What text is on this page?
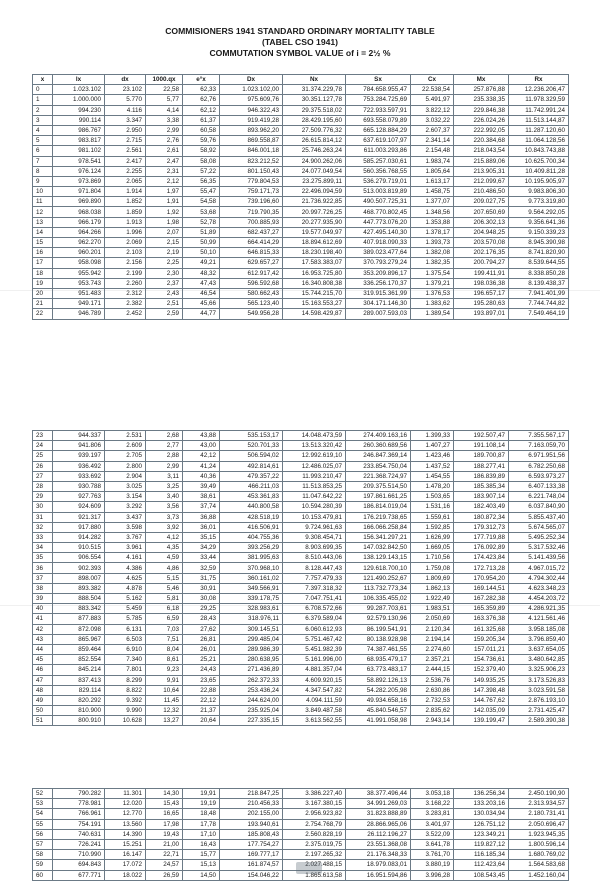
COMMISIONERS 1941 STANDARD ORDINARY MORTALITY TABLE
(TABEL CSO 1941)
COMMUTATION SYMBOL VALUE of i = 2½ %
x	lx	dx	1000.qx	e°x	Dx	Nx	Sx	Cx	Mx	Rx
0	1.023.102	23.102	22,58	62,33	1.023.102,00	31.374.229,78	784.658.955,47	22.538,54	257.876,88	12.236.206,47
1	1.000.000	5.770	5,77	62,76	975.609,76	30.351.127,78	753.284.725,69	5.491,97	235.338,35	11.978.329,59
2	994.230	4.116	4,14	62,12	946.322,43	29.375.518,02	722.933.597,91	3.822,12	229.846,38	11.742.991,24
3	990.114	3.347	3,38	61,37	919.419,28	28.429.195,60	693.558.079,89	3.032,22	226.024,26	11.513.144,87
4	986.767	2.950	2,99	60,58	893.962,20	27.509.776,32	665.128.884,29	2.607,37	222.992,05	11.287.120,60
5	983.817	2.715	2,76	59,76	869.558,87	26.615.814,12	637.619.107,97	2.341,14	220.384,68	11.064.128,56
6	981.102	2.561	2,61	58,92	846.001,18	25.746.263,24	611.003.293,86	2.154,48	218.043,54	10.843.743,88
7	978.541	2.417	2,47	58,08	823.212,52	24.900.262,06	585.257.030,61	1.983,74	215.889,06	10.625.700,34
8	976.124	2.255	2,31	57,22	801.150,43	24.077.049,54	560.356.768,55	1.805,64	213.905,31	10.409.811,28
9	973.869	2.065	2,12	56,35	779.804,53	23.275.899,11	536.279.719,01	1.613,17	212.099,67	10.195.905,97
10	971.804	1.914	1,97	55,47	759.171,73	22.496.094,59	513.003.819,89	1.458,75	210.486,50	9.983.806,30
11	969.890	1.852	1,91	54,58	739.196,60	21.736.922,85	490.507.725,31	1.377,07	209.027,75	9.773.319,80
12	968.038	1.859	1,92	53,68	719.790,35	20.997.726,25	468.770.802,45	1.348,56	207.650,69	9.564.292,05
13	966.179	1.913	1,98	52,78	700.885,93	20.277.935,90	447.773.076,20	1.353,88	206.302,13	9.356.641,36
14	964.266	1.996	2,07	51,89	682.437,27	19.577.049,97	427.495.140,30	1.378,17	204.948,25	9.150.339,23
15	962.270	2.069	2,15	50,99	664.414,29	18.894.612,69	407.918.090,33	1.393,73	203.570,08	8.945.390,98
16	960.201	2.103	2,19	50,10	646.815,33	18.230.198,40	389.023.477,64	1.382,08	202.176,35	8.741.820,90
17	958.098	2.156	2,25	49,21	629.657,27	17.583.383,07	370.793.279,24	1.382,35	200.794,27	8.539.644,55
18	955.942	2.199	2,30	48,32	612.917,42	16.953.725,80	353.209.896,17	1.375,54	199.411,91	8.338.850,28
19	953.743	2.260	2,37	47,43	596.592,68	16.340.808,38	336.256.170,37	1.379,21	198.036,38	8.139.438,37
20	951.483	2.312	2,43	46,54	580.662,43	15.744.215,70	319.915.361,99	1.376,53	196.657,17	7.941.401,99
21	949.171	2.382	2,51	45,66	565.123,40	15.163.553,27	304.171.146,30	1.383,62	195.280,63	7.744.744,82
22	946.789	2.452	2,59	44,77	549.956,28	14.598.429,87	289.007.593,03	1.389,54	193.897,01	7.549.464,19
23	944.337	2.531	2,68	43,88	535.153,17	14.048.473,59	274.409.163,16	1.399,33	192.507,47	7.355.567,17
24	941.806	2.609	2,77	43,00	520.701,33	13.513.320,42	260.360.689,56	1.407,27	191.108,14	7.163.059,70
25	939.197	2.705	2,88	42,12	506.594,02	12.992.619,10	246.847.369,14	1.423,46	189.700,87	6.971.951,56
26	936.492	2.800	2,99	41,24	492.814,61	12.486.025,07	233.854.750,04	1.437,52	188.277,41	6.782.250,68
27	933.692	2.904	3,11	40,36	479.357,22	11.993.210,47	221.368.724,97	1.454,55	186.839,89	6.593.973,27
28	930.788	3.025	3,25	39,49	466.211,03	11.513.853,25	209.375.514,50	1.478,20	185.385,34	6.407.133,38
29	927.763	3.154	3,40	38,61	453.361,83	11.047.642,22	197.861.661,25	1.503,65	183.907,14	6.221.748,04
30	924.609	3.292	3,56	37,74	440.800,58	10.594.280,39	186.814.019,04	1.531,16	182.403,49	6.037.840,90
31	921.317	3.437	3,73	36,88	428.518,19	10.153.479,81	176.219.738,65	1.559,61	180.872,34	5.855.437,40
32	917.880	3.598	3,92	36,01	416.506,91	9.724.961,63	166.066.258,84	1.592,85	179.312,73	5.674.565,07
33	914.282	3.767	4,12	35,15	404.755,36	9.308.454,71	156.341.297,21	1.626,99	177.719,88	5.495.252,34
34	910.515	3.961	4,35	34,29	393.256,29	8.903.699,35	147.032.842,50	1.669,05	176.092,89	5.317.532,46
35	906.554	4.161	4,59	33,44	381.995,63	8.510.443,06	138.129.143,15	1.710,56	174.423,84	5.141.439,56
36	902.393	4.386	4,86	32,59	370.968,10	8.128.447,43	129.618.700,10	1.759,08	172.713,28	4.967.015,72
37	898.007	4.625	5,15	31,75	360.161,02	7.757.479,33	121.490.252,67	1.809,69	170.954,20	4.794.302,44
38	893.382	4.878	5,46	30,91	349.566,91	7.397.318,32	113.732.773,34	1.862,13	169.144,51	4.623.348,23
39	888.504	5.162	5,81	30,08	339.178,75	7.047.751,41	106.335.455,02	1.922,49	167.282,38	4.454.203,72
40	883.342	5.459	6,18	29,25	328.983,61	6.708.572,66	99.287.703,61	1.983,51	165.359,89	4.286.921,35
41	877.883	5.785	6,59	28,43	318.976,11	6.379.589,04	92.579.130,96	2.050,69	163.376,38	4.121.561,46
42	872.098	6.131	7,03	27,62	309.145,51	6.060.612,93	86.199.541,91	2.120,34	161.325,68	3.958.185,08
43	865.967	6.503	7,51	26,81	299.485,04	5.751.467,42	80.138.928,98	2.194,14	159.205,34	3.796.859,40
44	859.464	6.910	8,04	26,01	289.986,39	5.451.982,39	74.387.461,55	2.274,60	157.011,21	3.637.654,05
45	852.554	7.340	8,61	25,21	280.638,95	5.161.996,00	68.935.479,17	2.357,21	154.736,61	3.480.642,85
46	845.214	7.801	9,23	24,43	271.436,89	4.881.357,04	63.773.483,17	2.444,15	152.379,40	3.325.906,23
47	837.413	8.299	9,91	23,65	262.372,33	4.609.920,15	58.892.126,13	2.536,76	149.935,25	3.173.526,83
48	829.114	8.822	10,64	22,88	253.436,24	4.347.547,82	54.282.205,98	2.630,86	147.398,48	3.023.591,58
49	820.292	9.392	11,45	22,12	244.624,00	4.094.111,59	49.934.658,16	2.732,53	144.767,62	2.876.193,10
50	810.900	9.990	12,32	21,37	235.925,04	3.849.487,58	45.840.546,57	2.835,62	142.035,09	2.731.425,47
51	800.910	10.628	13,27	20,64	227.335,15	3.613.562,55	41.991.058,98	2.943,14	139.199,47	2.589.390,38
52	790.282	11.301	14,30	19,91	218.847,25	3.386.227,40	38.377.496,44	3.053,18	136.256,34	2.450.190,90
53	778.981	12.020	15,43	19,19	210.456,33	3.167.380,15	34.991.269,03	3.168,22	133.203,16	2.313.934,57
54	766.961	12.770	16,65	18,48	202.155,00	2.956.923,82	31.823.888,89	3.283,81	130.034,94	2.180.731,41
55	754.191	13.560	17,98	17,78	193.940,61	2.754.768,79	28.866.965,06	3.401,97	126.751,12	2.050.696,47
56	740.631	14.390	19,43	17,10	185.808,43	2.560.828,19	26.112.196,27	3.522,09	123.349,21	1.923.945,35
57	726.241	15.251	21,00	16,43	177.754,27	2.375.019,75	23.551.368,08	3.641,78	119.827,12	1.800.596,14
58	710.990	16.147	22,71	15,77	169.777,17	2.197.265,32	21.176.348,33	3.761,70	116.185,34	1.680.769,02
59	694.843	17.072	24,57	15,13	161.874,57	2.027.488,15	18.979.083,01	3.880,19	112.423,64	1.564.583,68
60	677.771	18.022	26,59	14,50	154.046,22	1.865.613,58	16.951.594,86	3.996,28	108.543,45	1.452.160,04
